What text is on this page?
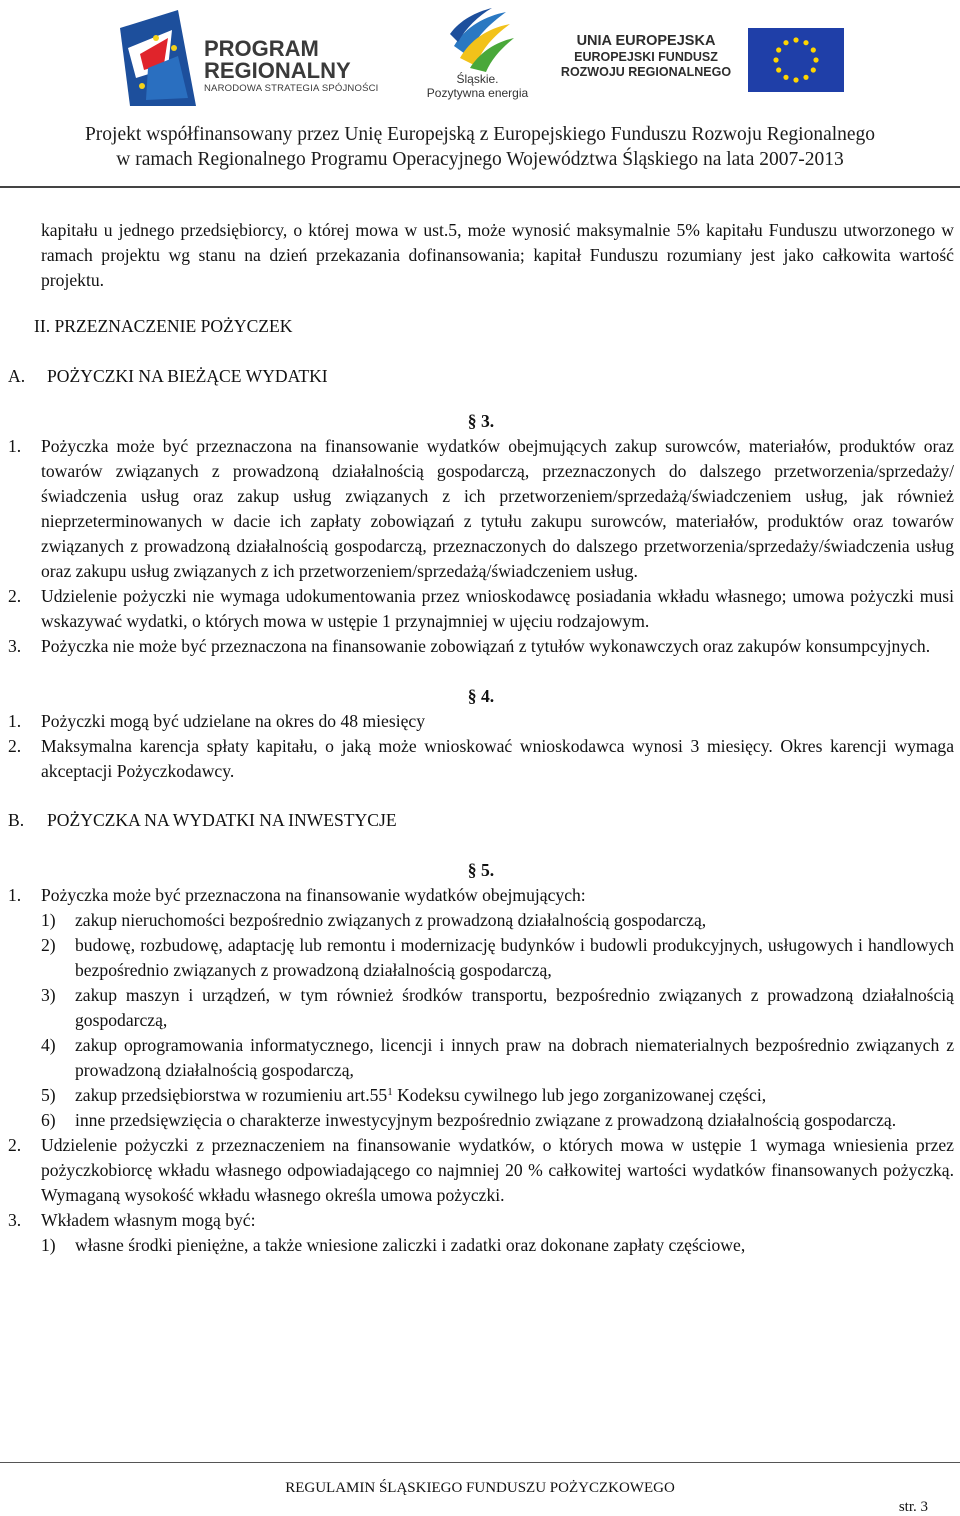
PROGRAM
REGIONALNY
NARODOWA STRATEGIA SPÓJNOŚCI
Śląskie.
Pozytywna energia
UNIA EUROPEJSKA
EUROPEJSKI FUNDUSZ
ROZWOJU REGIONALNEGO
Projekt współfinansowany przez Unię Europejską z Europejskiego Funduszu Rozwoju Regionalnego
w ramach Regionalnego Programu Operacyjnego Województwa Śląskiego na lata 2007-2013

kapitału u jednego przedsiębiorcy, o której mowa w ust.5, może wynosić maksymalnie 5% kapitału Funduszu utworzonego w ramach projektu wg stanu na dzień przekazania dofinansowania; kapitał Funduszu rozumiany jest jako całkowita wartość projektu.

II. PRZEZNACZENIE POŻYCZEK
A.	POŻYCZKI NA BIEŻĄCE WYDATKI
§ 3.
1.	Pożyczka może być przeznaczona na finansowanie wydatków obejmujących zakup surowców, materiałów, produktów oraz towarów związanych z prowadzoną działalnością gospodarczą, przeznaczonych do dalszego przetworzenia/sprzedaży/świadczenia usług oraz zakup usług związanych z ich przetworzeniem/sprzedażą/świadczeniem usług, jak również nieprzeterminowanych w dacie ich zapłaty zobowiązań z tytułu zakupu surowców, materiałów, produktów oraz towarów związanych z prowadzoną działalnością gospodarczą, przeznaczonych do dalszego przetworzenia/sprzedaży/świadczenia usług oraz zakupu usług związanych z ich przetworzeniem/sprzedażą/świadczeniem usług.
2.	Udzielenie pożyczki nie wymaga udokumentowania przez wnioskodawcę posiadania wkładu własnego; umowa pożyczki musi wskazywać wydatki, o których mowa w ustępie 1 przynajmniej w ujęciu rodzajowym.
3.	Pożyczka nie może być przeznaczona na finansowanie zobowiązań z tytułów wykonawczych oraz zakupów konsumpcyjnych.
§ 4.
1.	Pożyczki mogą być udzielane na okres do 48 miesięcy
2.	Maksymalna karencja spłaty kapitału, o jaką może wnioskować wnioskodawca wynosi 3 miesięcy. Okres karencji wymaga akceptacji Pożyczkodawcy.
B.	POŻYCZKA NA WYDATKI NA INWESTYCJE
§ 5.
1.	Pożyczka może być przeznaczona na finansowanie wydatków obejmujących:
1)	zakup nieruchomości bezpośrednio związanych z prowadzoną działalnością gospodarczą,
2)	budowę, rozbudowę, adaptację lub remontu i modernizację budynków i budowli produkcyjnych, usługowych i handlowych bezpośrednio związanych z prowadzoną działalnością gospodarczą,
3)	zakup maszyn i urządzeń, w tym również środków transportu, bezpośrednio związanych z prowadzoną działalnością gospodarczą,
4)	zakup oprogramowania informatycznego, licencji i innych praw na dobrach niematerialnych bezpośrednio związanych z prowadzoną działalnością gospodarczą,
5)	zakup przedsiębiorstwa w rozumieniu $art.55^1$ Kodeksu cywilnego lub jego zorganizowanej części,
6)	inne przedsięwzięcia o charakterze inwestycyjnym bezpośrednio związane z prowadzoną działalnością gospodarczą.
2.	Udzielenie pożyczki z przeznaczeniem na finansowanie wydatków, o których mowa w ustępie 1 wymaga wniesienia przez pożyczkobiorcę wkładu własnego odpowiadającego co najmniej 20 % całkowitej wartości wydatków finansowanych pożyczką. Wymaganą wysokość wkładu własnego określa umowa pożyczki.
3.	Wkładem własnym mogą być:
1)	własne środki pieniężne, a także wniesione zaliczki i zadatki oraz dokonane zapłaty częściowe,
REGULAMIN ŚLĄSKIEGO FUNDUSZU POŻYCZKOWEGO
str. 3
